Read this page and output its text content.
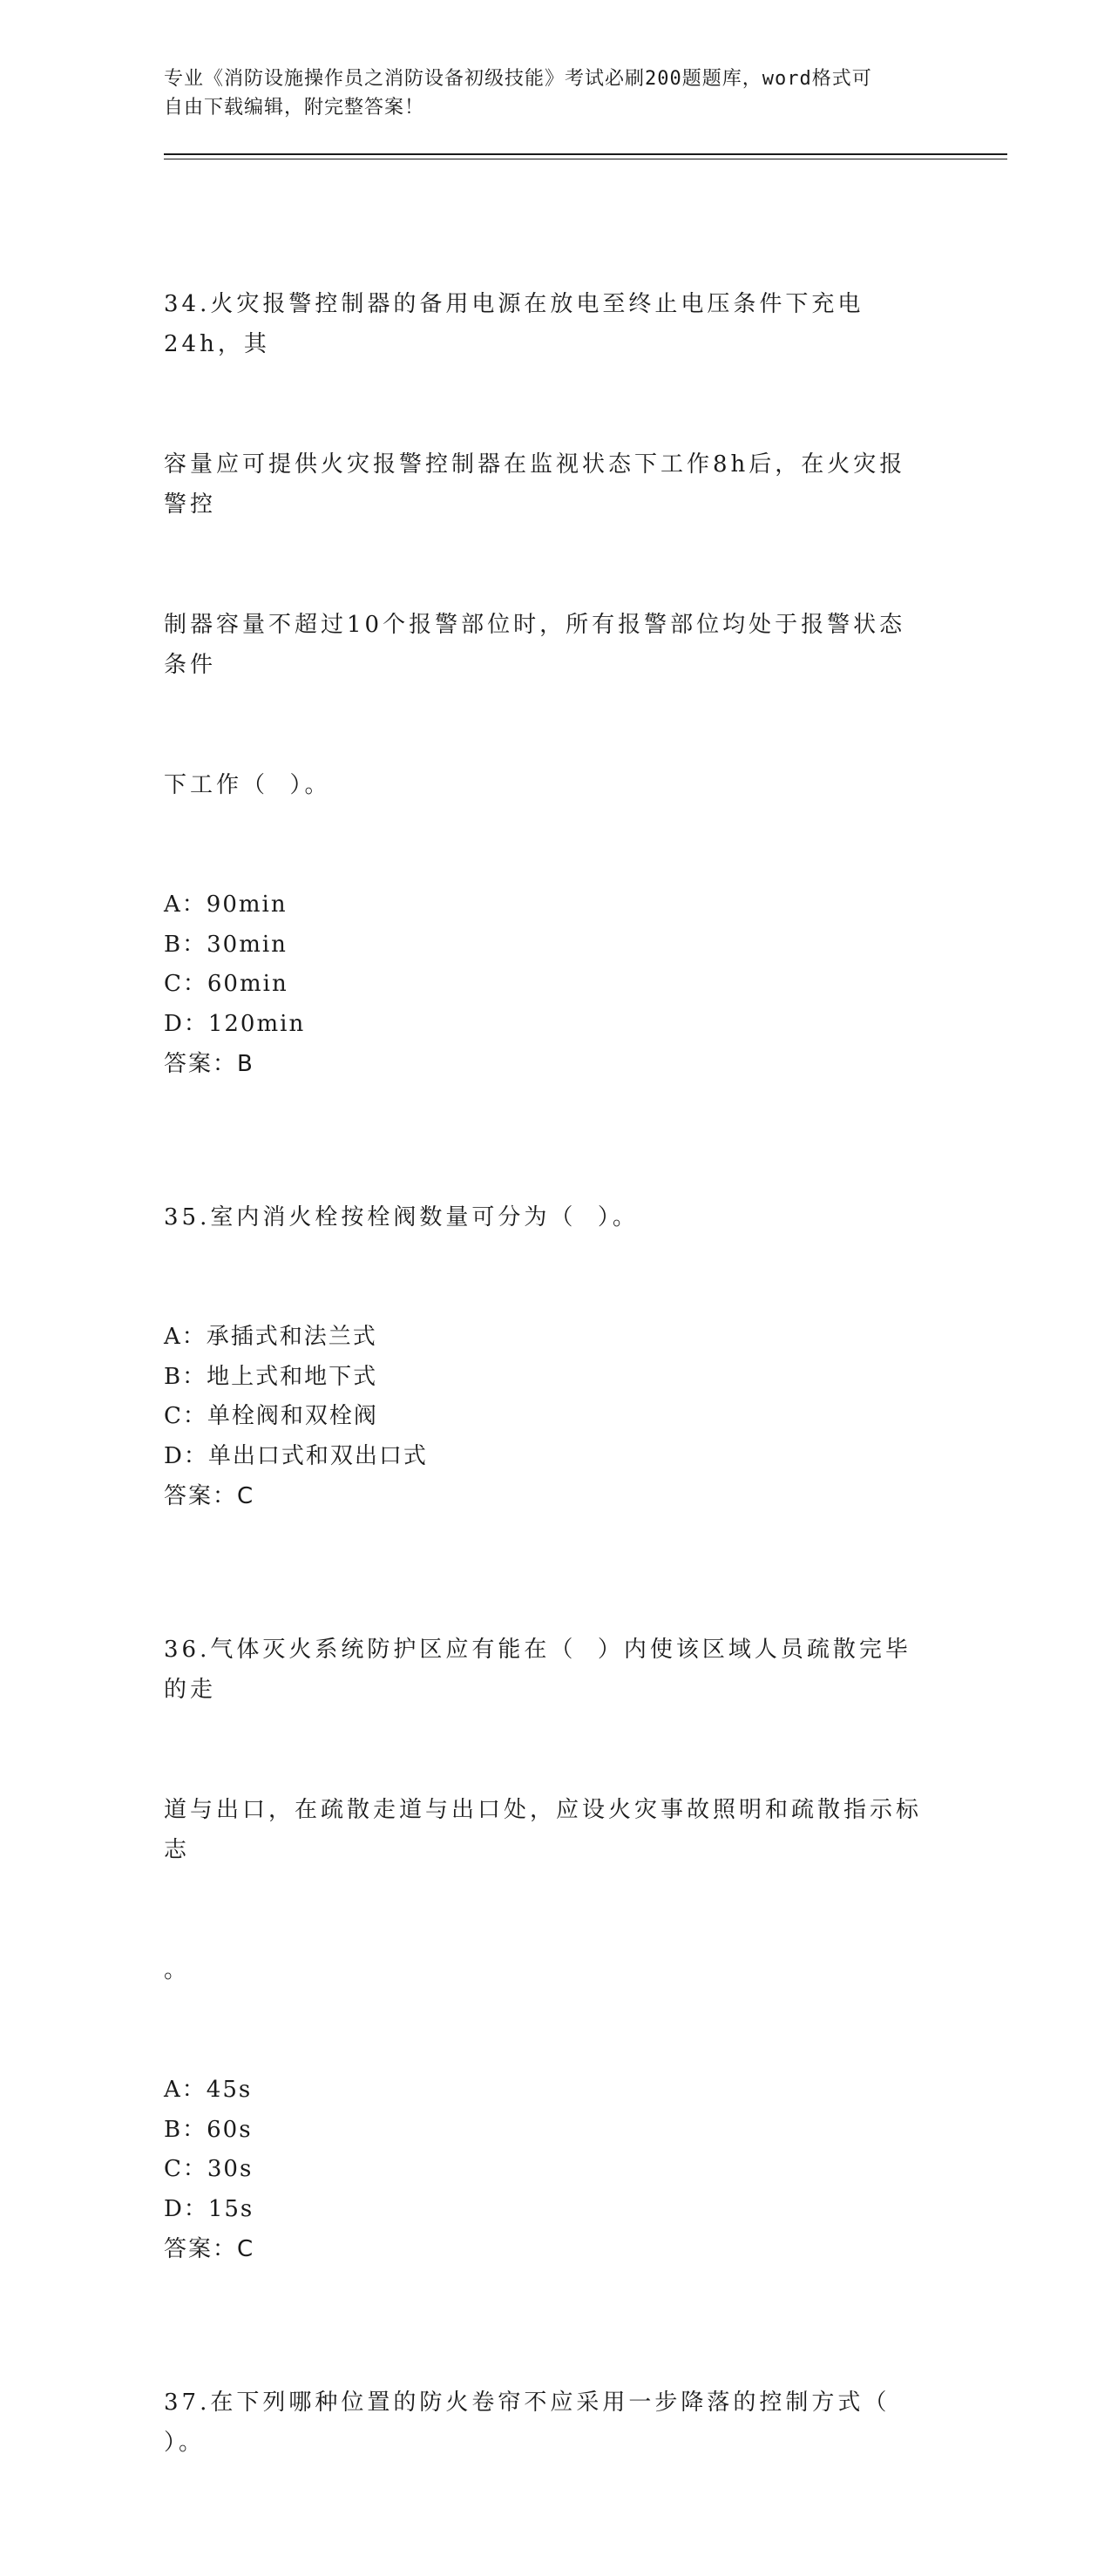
专业《消防设施操作员之消防设备初级技能》考试必刷200题题库，word格式可
自由下载编辑，附完整答案！

34.火灾报警控制器的备用电源在放电至终止电压条件下充电24h，其

容量应可提供火灾报警控制器在监视状态下工作8h后，在火灾报警控

制器容量不超过10个报警部位时，所有报警部位均处于报警状态条件

下工作（  ）。

A：90min

B：30min

C：60min

D：120min

答案：B

35.室内消火栓按栓阀数量可分为（  ）。

A：承插式和法兰式

B：地上式和地下式

C：单栓阀和双栓阀

D：单出口式和双出口式

答案：C

36.气体灭火系统防护区应有能在（  ）内使该区域人员疏散完毕的走

道与出口，在疏散走道与出口处，应设火灾事故照明和疏散指示标志

。

A：45s

B：60s

C：30s

D：15s

答案：C

37.在下列哪种位置的防火卷帘不应采用一步降落的控制方式（  ）。
